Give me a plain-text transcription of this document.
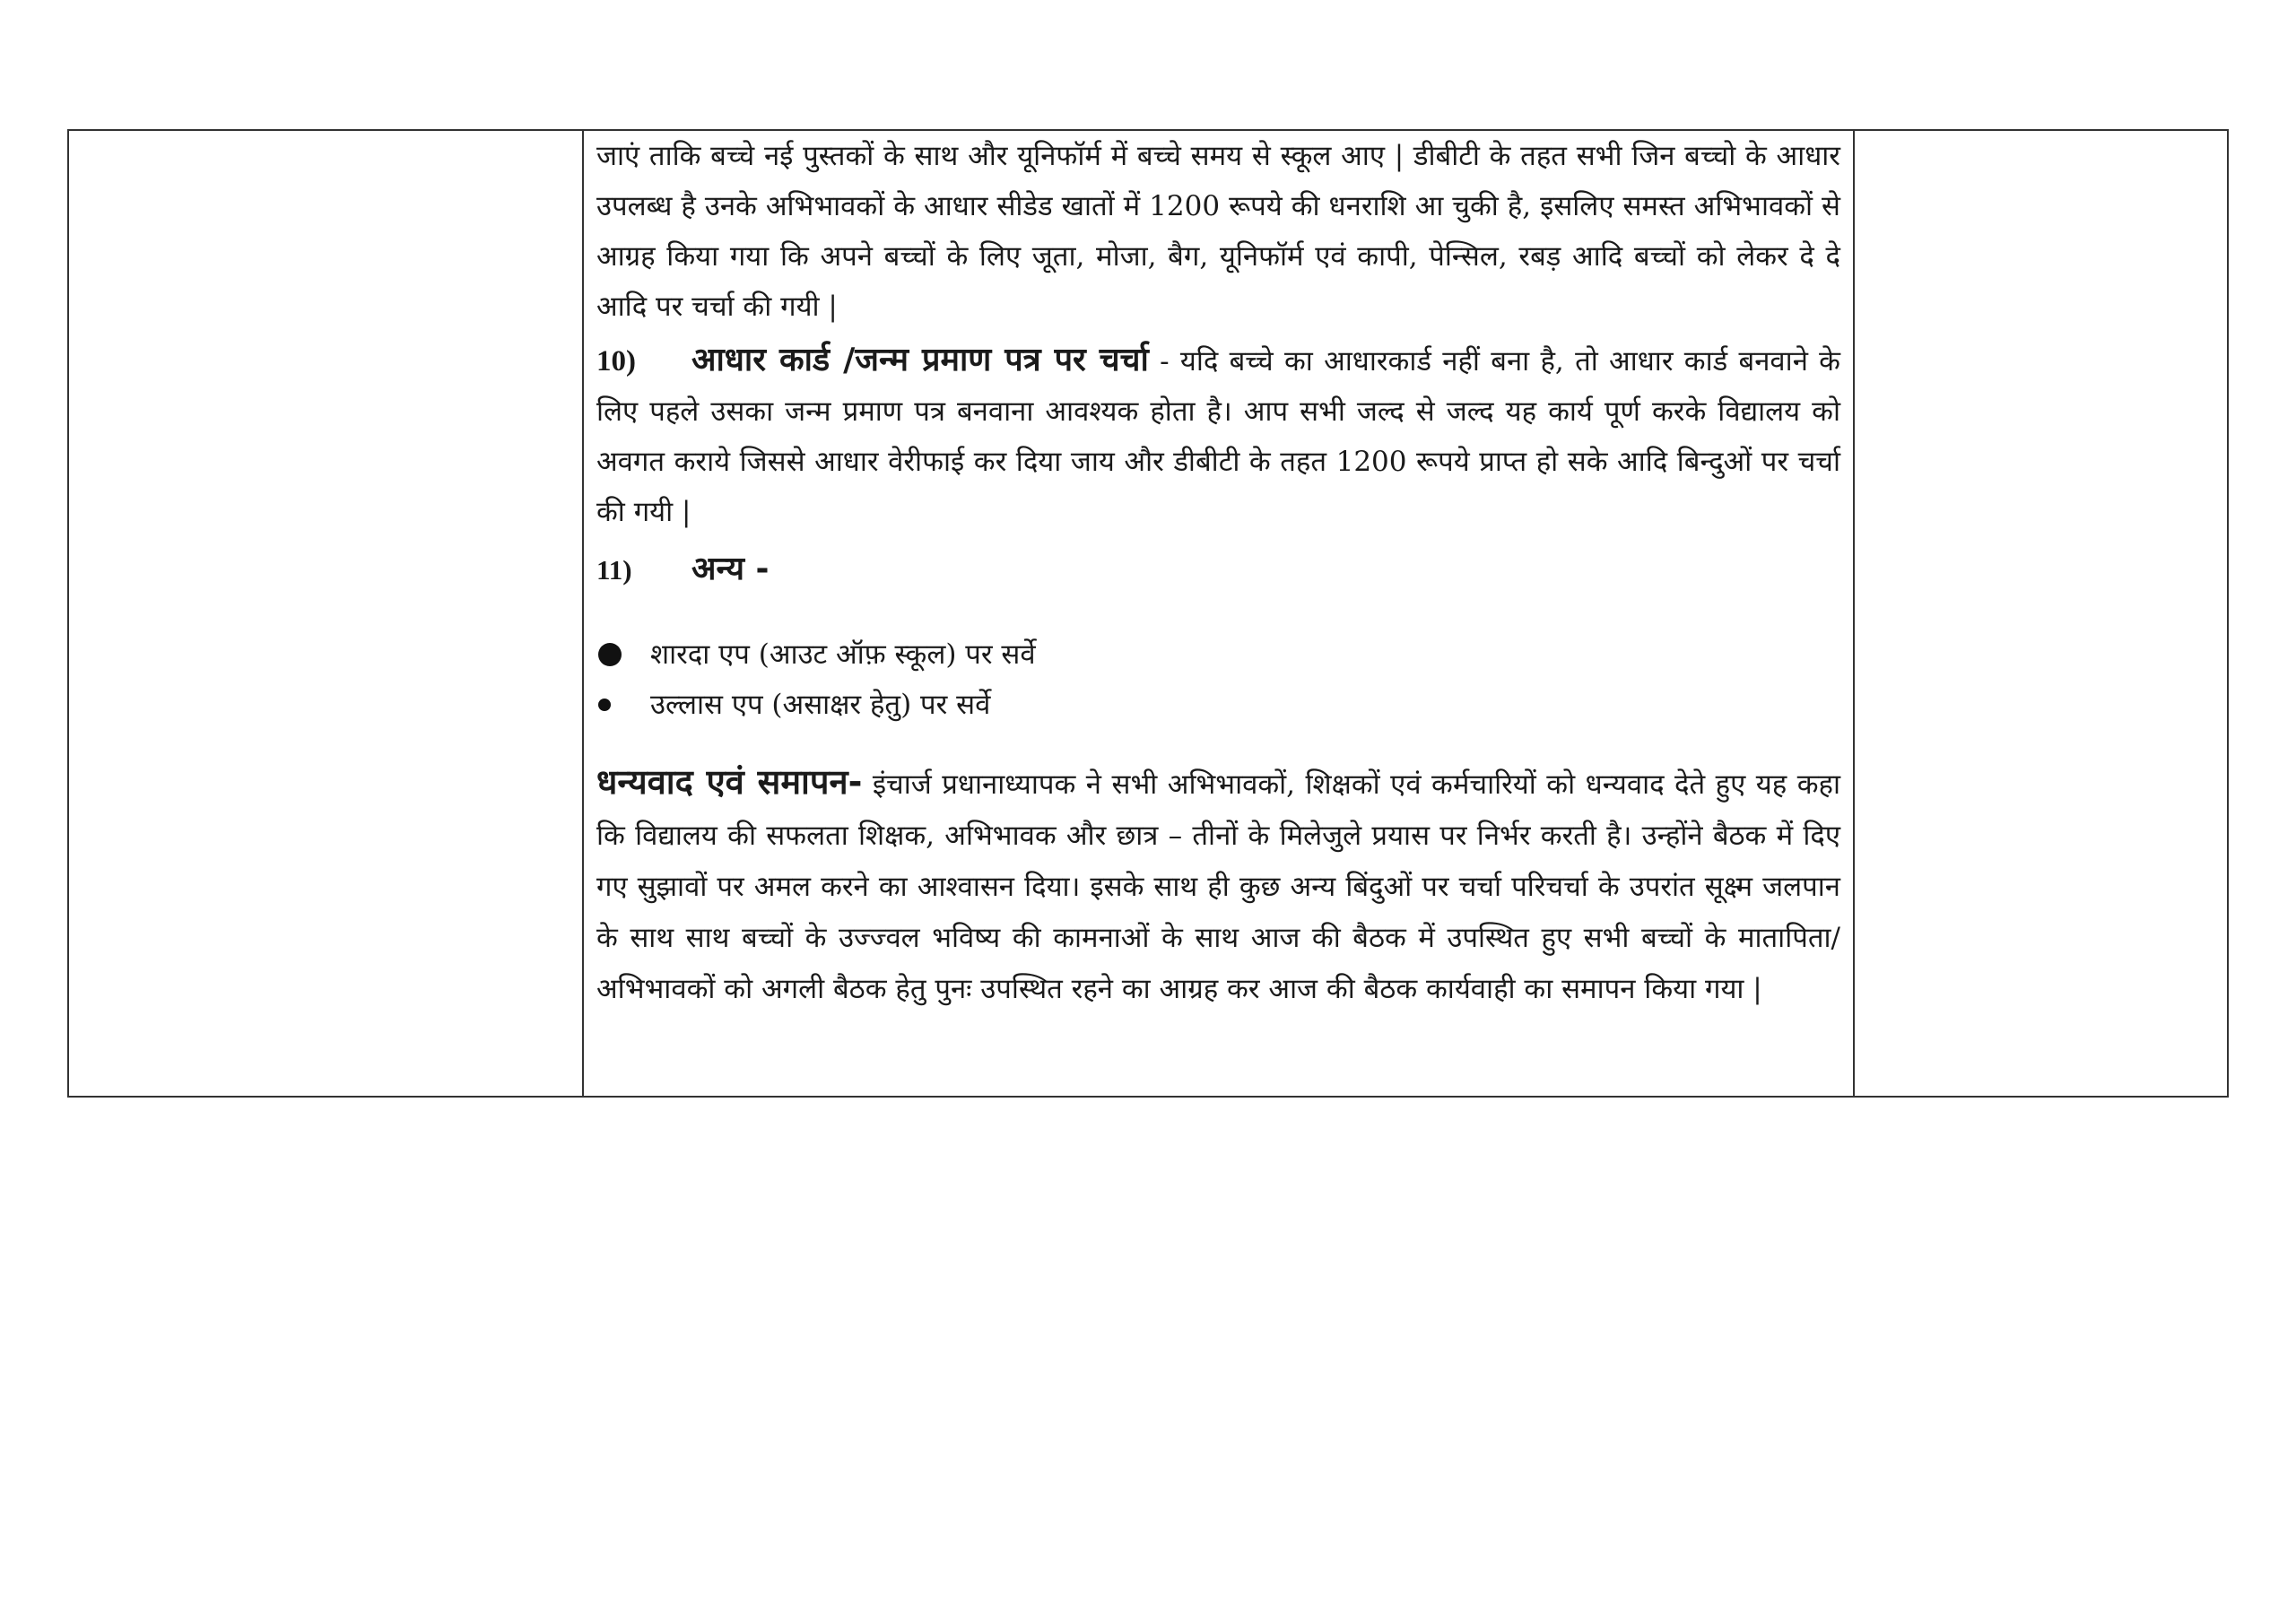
जाएं ताकि बच्चे नई पुस्तकों के साथ और यूनिफॉर्म में बच्चे समय से स्कूल आए | डीबीटी के तहत सभी जिन बच्चो के आधार उपलब्ध है उनके अभिभावकों के आधार सीडेड खातों में 1200 रूपये की धनराशि आ चुकी है, इसलिए समस्त अभिभावकों से आग्रह किया गया कि अपने बच्चों के लिए जूता, मोजा, बैग, यूनिफॉर्म एवं कापी, पेन्सिल, रबड़ आदि बच्चों को लेकर दे दे आदि पर चर्चा की गयी |

10) आधार कार्ड /जन्म प्रमाण पत्र पर चर्चा - यदि बच्चे का आधारकार्ड नहीं बना है, तो आधार कार्ड बनवाने के लिए पहले उसका जन्म प्रमाण पत्र बनवाना आवश्यक होता है। आप सभी जल्द से जल्द यह कार्य पूर्ण करके विद्यालय को अवगत कराये जिससे आधार वेरीफाई कर दिया जाय और डीबीटी के तहत 1200 रूपये प्राप्त हो सके आदि बिन्दुओं पर चर्चा की गयी |

11) अन्य -

शारदा एप (आउट ऑफ़ स्कूल) पर सर्वे
उल्लास एप (असाक्षर हेतु) पर सर्वे

धन्यवाद एवं समापन- इंचार्ज प्रधानाध्यापक ने सभी अभिभावकों, शिक्षकों एवं कर्मचारियों को धन्यवाद देते हुए यह कहा कि विद्यालय की सफलता शिक्षक, अभिभावक और छात्र – तीनों के मिलेजुले प्रयास पर निर्भर करती है। उन्होंने बैठक में दिए गए सुझावों पर अमल करने का आश्वासन दिया। इसके साथ ही कुछ अन्य बिंदुओं पर चर्चा परिचर्चा के उपरांत सूक्ष्म जलपान के साथ साथ बच्चों के उज्ज्वल भविष्य की कामनाओं के साथ आज की बैठक में उपस्थित हुए सभी बच्चों के मातापिता/ अभिभावकों को अगली बैठक हेतु पुनः उपस्थित रहने का आग्रह कर आज की बैठक कार्यवाही का समापन किया गया |
